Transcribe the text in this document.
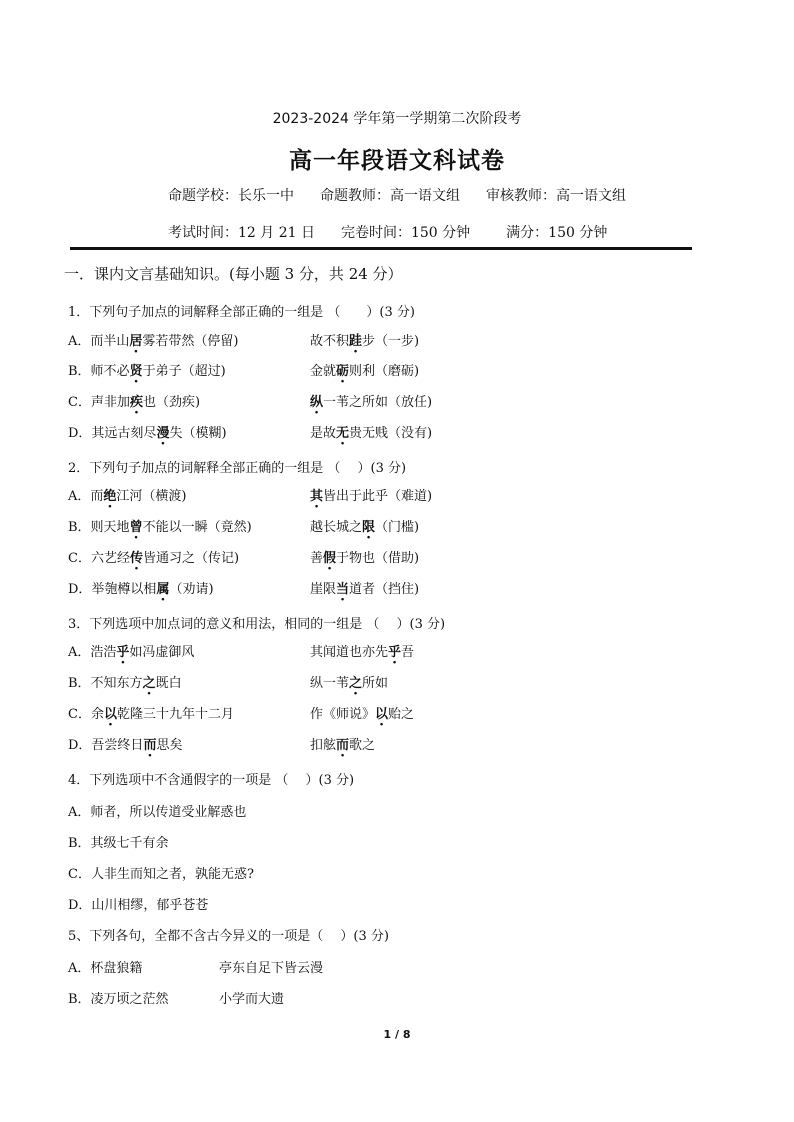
2023-2024 学年第一学期第二次阶段考
高一年段语文科试卷
命题学校：长乐一中 命题教师：高一语文组 审核教师：高一语文组
考试时间：12 月 21 日 完卷时间：150 分钟	满分：150 分钟
一．课内文言基础知识。(每小题 3 分，共 24 分）
1．下列句子加点的词解释全部正确的一组是 （　　）(3 分)
A．而半山居雾若带然（停留)	故不积跬步（一步)
B．师不必贤于弟子（超过)	金就砺则利（磨砺)
C．声非加疾也（劲疾)	纵一苇之所如（放任)
D．其远古刻尽漫失（模糊)	是故无贵无贱（没有)
2．下列句子加点的词解释全部正确的一组是 （　 ）(3 分)
A．而绝江河（横渡)	其皆出于此乎（难道)
B．则天地曾不能以一瞬（竟然)	越长城之限（门槛)
C．六艺经传皆通习之（传记)	善假于物也（借助)
D．举匏樽以相属（劝请)	崖限当道者（挡住)
3．下列选项中加点词的意义和用法，相同的一组是 （　 ）(3 分)
A．浩浩乎如冯虚御风	其闻道也亦先乎吾
B．不知东方之既白	纵一苇之所如
C．余以乾隆三十九年十二月	作《师说》以贻之
D．吾尝终日而思矣	扣舷而歌之
4．下列选项中不含通假字的一项是 （　 ）(3 分)
A．师者，所以传道受业解惑也
B．其级七千有余
C．人非生而知之者，孰能无惑?
D．山川相缪，郁乎苍苍
5、下列各句，全都不含古今异义的一项是（　 ）(3 分)
A．杯盘狼籍	亭东自足下皆云漫
B．凌万顷之茫然	小学而大遗
1 / 8
